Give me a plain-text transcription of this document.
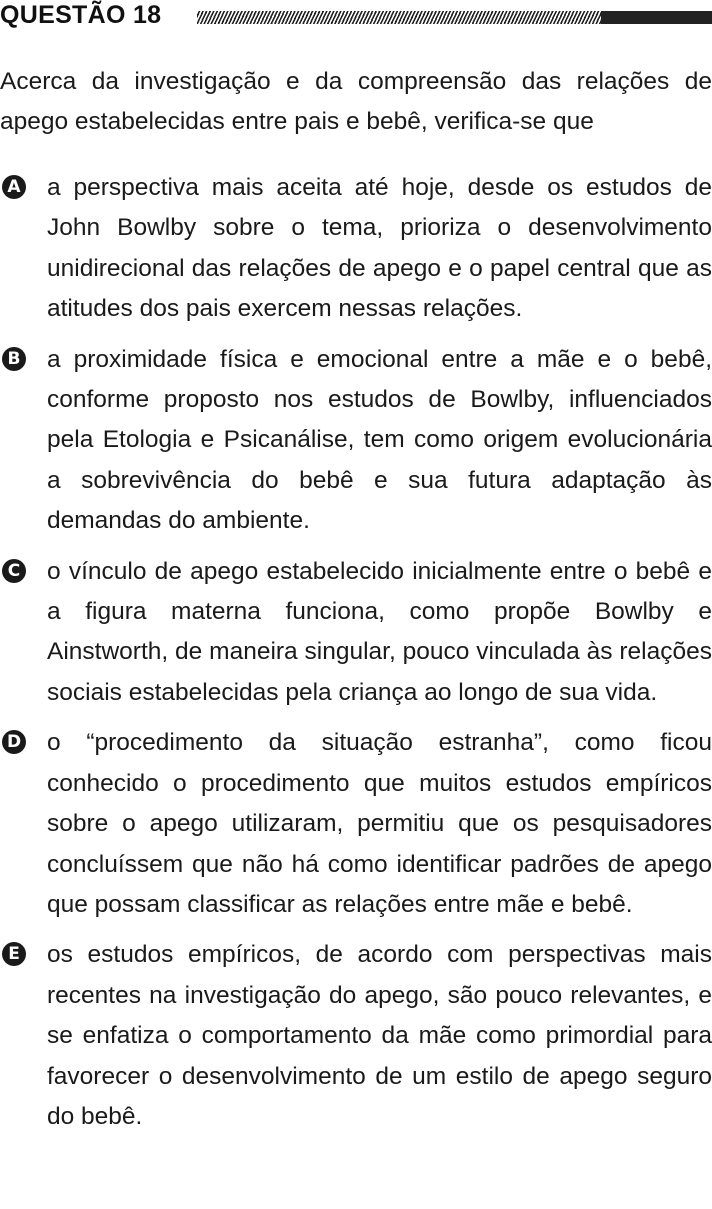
QUESTÃO 18
Acerca da investigação e da compreensão das relações de apego estabelecidas entre pais e bebê, verifica-se que
A a perspectiva mais aceita até hoje, desde os estudos de John Bowlby sobre o tema, prioriza o desenvolvimento unidirecional das relações de apego e o papel central que as atitudes dos pais exercem nessas relações.
B a proximidade física e emocional entre a mãe e o bebê, conforme proposto nos estudos de Bowlby, influenciados pela Etologia e Psicanálise, tem como origem evolucionária a sobrevivência do bebê e sua futura adaptação às demandas do ambiente.
C o vínculo de apego estabelecido inicialmente entre o bebê e a figura materna funciona, como propõe Bowlby e Ainstworth, de maneira singular, pouco vinculada às relações sociais estabelecidas pela criança ao longo de sua vida.
D o “procedimento da situação estranha”, como ficou conhecido o procedimento que muitos estudos empíricos sobre o apego utilizaram, permitiu que os pesquisadores concluíssem que não há como identificar padrões de apego que possam classificar as relações entre mãe e bebê.
E os estudos empíricos, de acordo com perspectivas mais recentes na investigação do apego, são pouco relevantes, e se enfatiza o comportamento da mãe como primordial para favorecer o desenvolvimento de um estilo de apego seguro do bebê.
